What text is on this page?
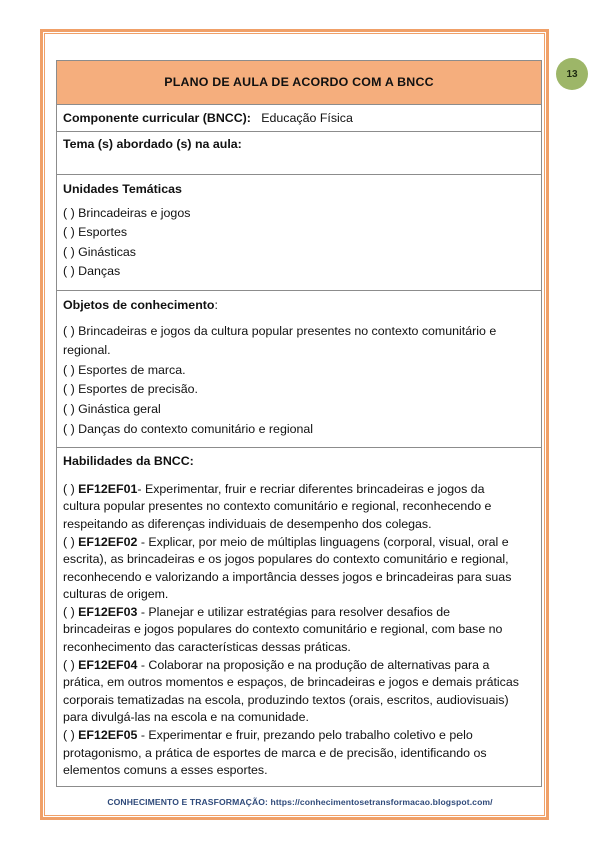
13
PLANO DE AULA DE ACORDO COM A BNCC
Componente curricular (BNCC): Educação Física
Tema (s) abordado (s) na aula:

Unidades Temáticas
( ) Brincadeiras e jogos
( ) Esportes
( ) Ginásticas
( ) Danças

Objetos de conhecimento:
( ) Brincadeiras e jogos da cultura popular presentes no contexto comunitário e
regional.
( ) Esportes de marca.
( ) Esportes de precisão.
( ) Ginástica geral
( ) Danças do contexto comunitário e regional

Habilidades da BNCC:
( ) EF12EF01- Experimentar, fruir e recriar diferentes brincadeiras e jogos da
cultura popular presentes no contexto comunitário e regional, reconhecendo e
respeitando as diferenças individuais de desempenho dos colegas.
( ) EF12EF02 - Explicar, por meio de múltiplas linguagens (corporal, visual, oral e
escrita), as brincadeiras e os jogos populares do contexto comunitário e regional,
reconhecendo e valorizando a importância desses jogos e brincadeiras para suas
culturas de origem.
( ) EF12EF03 - Planejar e utilizar estratégias para resolver desafios de
brincadeiras e jogos populares do contexto comunitário e regional, com base no
reconhecimento das características dessas práticas.
( ) EF12EF04 - Colaborar na proposição e na produção de alternativas para a
prática, em outros momentos e espaços, de brincadeiras e jogos e demais práticas
corporais tematizadas na escola, produzindo textos (orais, escritos, audiovisuais)
para divulgá-las na escola e na comunidade.
( ) EF12EF05 - Experimentar e fruir, prezando pelo trabalho coletivo e pelo
protagonismo, a prática de esportes de marca e de precisão, identificando os
elementos comuns a esses esportes.
CONHECIMENTO E TRASFORMAÇÃO: https://conhecimentosetransformacao.blogspot.com/
